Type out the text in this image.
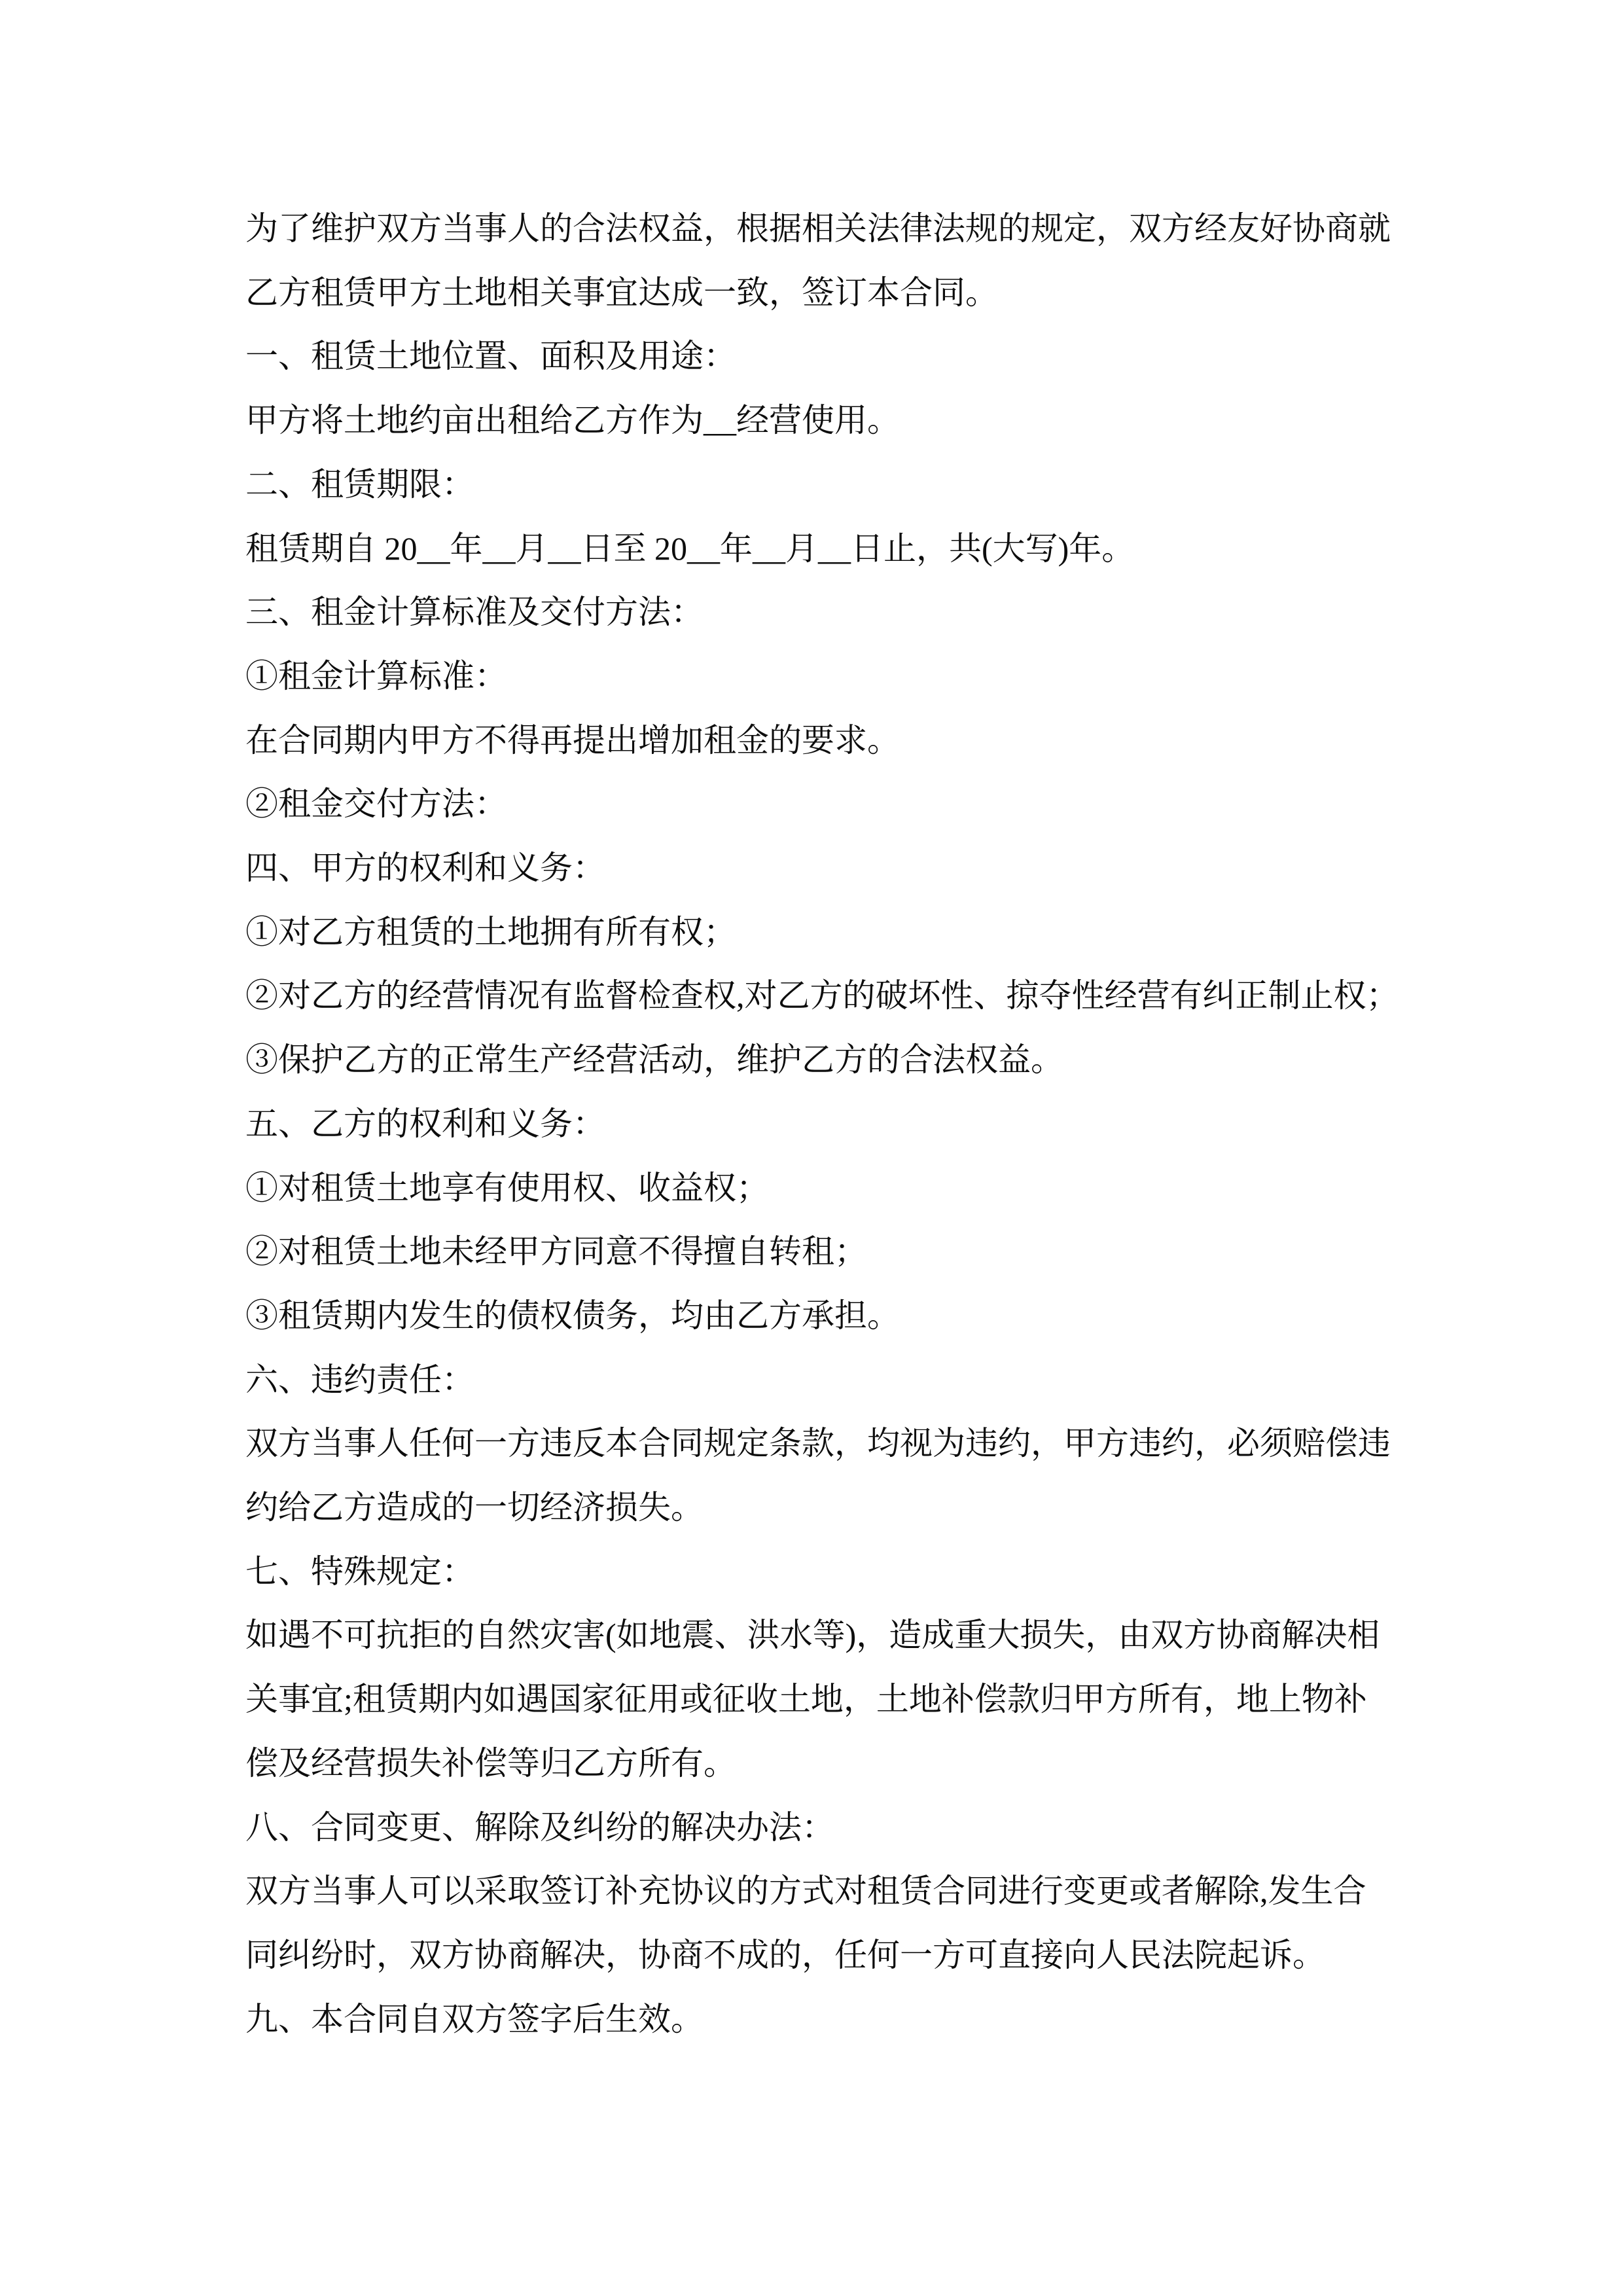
为了维护双方当事人的合法权益，根据相关法律法规的规定，双方经友好协商就

乙方租赁甲方土地相关事宜达成一致，签订本合同。

一、租赁土地位置、面积及用途：

甲方将土地约亩出租给乙方作为__经营使用。

二、租赁期限：

租赁期自 20__年__月__日至 20__年__月__日止，共(大写)年。

三、租金计算标准及交付方法：

①租金计算标准：

在合同期内甲方不得再提出增加租金的要求。

②租金交付方法：

四、甲方的权利和义务：

①对乙方租赁的土地拥有所有权；

②对乙方的经营情况有监督检查权,对乙方的破坏性、掠夺性经营有纠正制止权；

③保护乙方的正常生产经营活动，维护乙方的合法权益。

五、乙方的权利和义务：

①对租赁土地享有使用权、收益权；

②对租赁土地未经甲方同意不得擅自转租；

③租赁期内发生的债权债务，均由乙方承担。

六、违约责任：

双方当事人任何一方违反本合同规定条款，均视为违约，甲方违约，必须赔偿违

约给乙方造成的一切经济损失。

七、特殊规定：

如遇不可抗拒的自然灾害(如地震、洪水等)，造成重大损失，由双方协商解决相

关事宜;租赁期内如遇国家征用或征收土地，土地补偿款归甲方所有，地上物补

偿及经营损失补偿等归乙方所有。

八、合同变更、解除及纠纷的解决办法：

双方当事人可以采取签订补充协议的方式对租赁合同进行变更或者解除,发生合

同纠纷时，双方协商解决，协商不成的，任何一方可直接向人民法院起诉。

九、本合同自双方签字后生效。
